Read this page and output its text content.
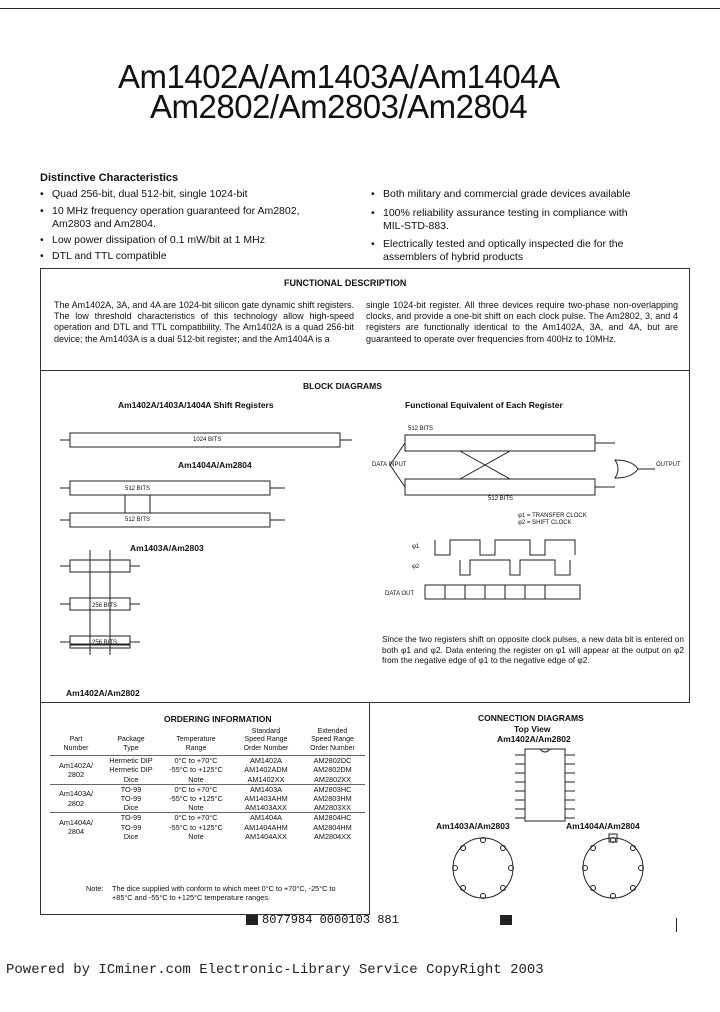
Am1402A/Am1403A/Am1404A
Am2802/Am2803/Am2804
Distinctive Characteristics
• Quad 256-bit, dual 512-bit, single 1024-bit
• 10 MHz frequency operation guaranteed for Am2802,
Am2803 and Am2804.
• Low power dissipation of 0.1 mW/bit at 1 MHz
• DTL and TTL compatible
• Both military and commercial grade devices available
• 100% reliability assurance testing in compliance with
MIL-STD-883.
• Electrically tested and optically inspected die for the
assemblers of hybrid products
FUNCTIONAL DESCRIPTION
The Am1402A, 3A, and 4A are 1024-bit silicon gate dynamic shift registers. The low threshold characteristics of this technology allow high-speed operation and DTL and TTL compatibility. The Am1402A is a quad 256-bit device; the Am1403A is a dual 512-bit register; and the Am1404A is a
single 1024-bit register. All three devices require two-phase non-overlapping clocks, and provide a one-bit shift on each clock pulse. The Am2802, 3, and 4 registers are functionally identical to the Am1402A, 3A, and 4A, but are guaranteed to operate over frequencies from 400Hz to 10MHz.
BLOCK DIAGRAMS
Am1402A/1403A/1404A Shift Registers	Functional Equivalent of Each Register
1024 BITS
512 BITS
512 BITS
256 BITS
256 BITS
Am1404A/Am2804
Am1403A/Am2803
Am1402A/Am2802
512 BITS
512 BITS
DATA INPUT	OUTPUT
φ1 = TRANSFER CLOCK
φ2 = SHIFT CLOCK
φ1
φ2
DATA OUT
Since the two registers shift on opposite clock pulses, a new data bit is entered on both φ1 and φ2. Data entering the register on φ1 will appear at the output on φ2 from the negative edge of φ1 to the negative edge of φ2.
ORDERING INFORMATION
Part
Number	Package
Type	Temperature
Range	Standard
Speed Range
Order Number	Extended
Speed Range
Order Number
Am1402A/
2802	Hermetic DIP	0°C to +70°C	AM1402A	AM2802DC
	Hermetic DIP	-55°C to +125°C	AM1402ADM	AM2802DM
	Dice	Note	AM1402XX	AM2802XX
Am1403A/
2802	TO-99	0°C to +70°C	AM1403A	AM2803HC
	TO-99	-55°C to +125°C	AM1403AHM	AM2803HM
	Dice	Note	AM1403AXX	AM2803XX
Am1404A/
2804	TO-99	0°C to +70°C	AM1404A	AM2804HC
	TO-99	-55°C to +125°C	AM1404AHM	AM2804HM
	Dice	Note	AM1404AXX	AM2804XX
Note: The dice supplied with conform to which meet 0°C to +70°C, -25°C to +85°C and -55°C to +125°C temperature ranges.
CONNECTION DIAGRAMS
Top View
Am1402A/Am2802
Am1403A/Am2803	Am1404A/Am2804
8077984 0000103 881
Powered by ICminer.com Electronic-Library Service CopyRight 2003
